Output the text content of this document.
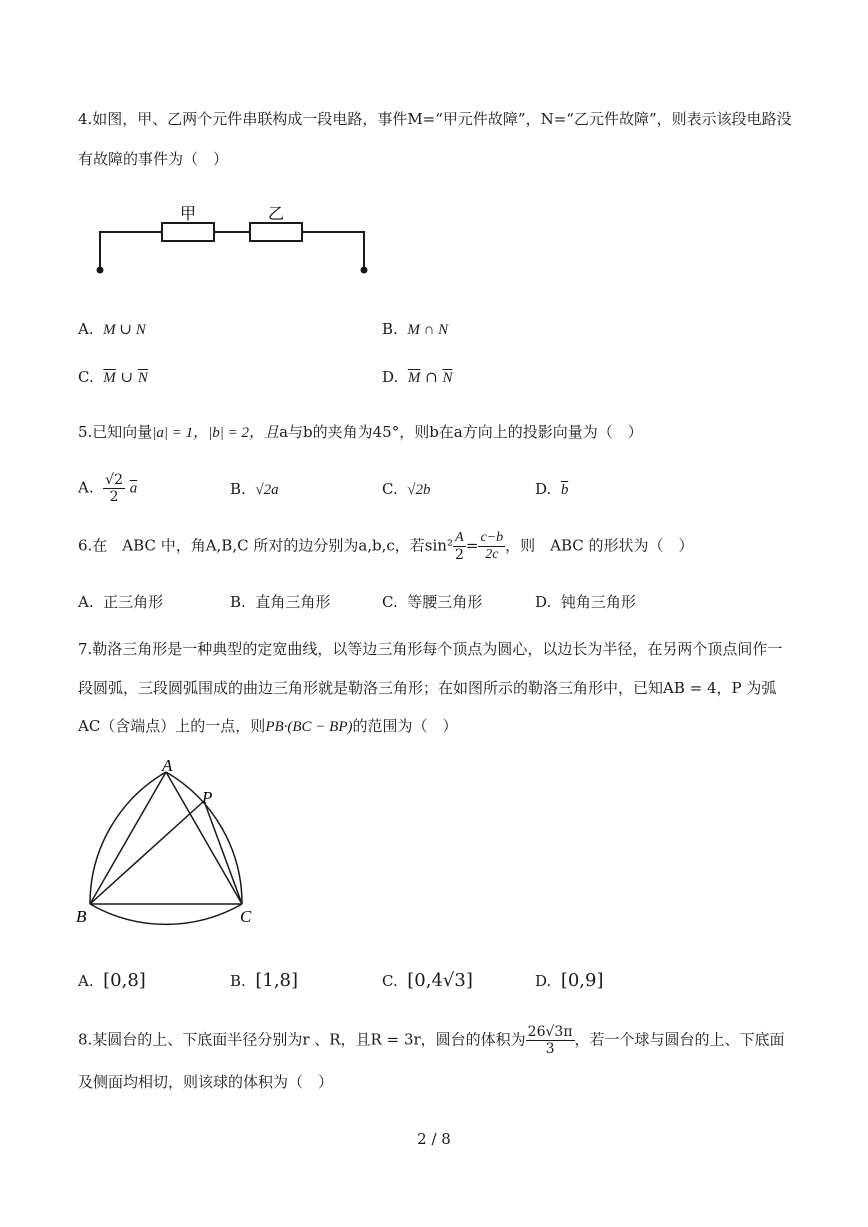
4.如图，甲、乙两个元件串联构成一段电路，事件M=“甲元件故障”，N=“乙元件故障”，则表示该段电路没
有故障的事件为（　）
甲	乙
A. M ∪ N	B. M ∩ N
C. $\overline{M}$ ∪ $\overline{N}$	D. $\overline{M}$ ∩ $\overline{N}$
5.已知向量|a| = 1，|b| = 2，且a与b的夹角为45°，则b在a方向上的投影向量为（　）
A. $\frac{√2}{2} \overline{a}$	B. √2a	C. √2b	D. $\overline{b}$
6.在　ABC 中，角A,B,C 所对的边分别为a,b,c，若$\sin^2 \frac{A}{2} = \frac{c-b}{2c}$ ，则　ABC 的形状为（　）
A. 正三角形	B. 直角三角形	C. 等腰三角形	D. 钝角三角形
7.勒洛三角形是一种典型的定宽曲线，以等边三角形每个顶点为圆心，以边长为半径，在另两个顶点间作一
段圆弧，三段圆弧围成的曲边三角形就是勒洛三角形；在如图所示的勒洛三角形中，已知AB = 4，P 为弧
AC（含端点）上的一点，则PB·(BC − BP)的范围为（　）
A
P
B	C
A. [0,8]	B. [1,8]	C. [0,4√3]	D. [0,9]
8.某圆台的上、下底面半径分别为r 、R，且R = 3r，圆台的体积为 $\frac{26√3\pi}{3}$ ，若一个球与圆台的上、下底面
及侧面均相切，则该球的体积为（　）
2 / 8
